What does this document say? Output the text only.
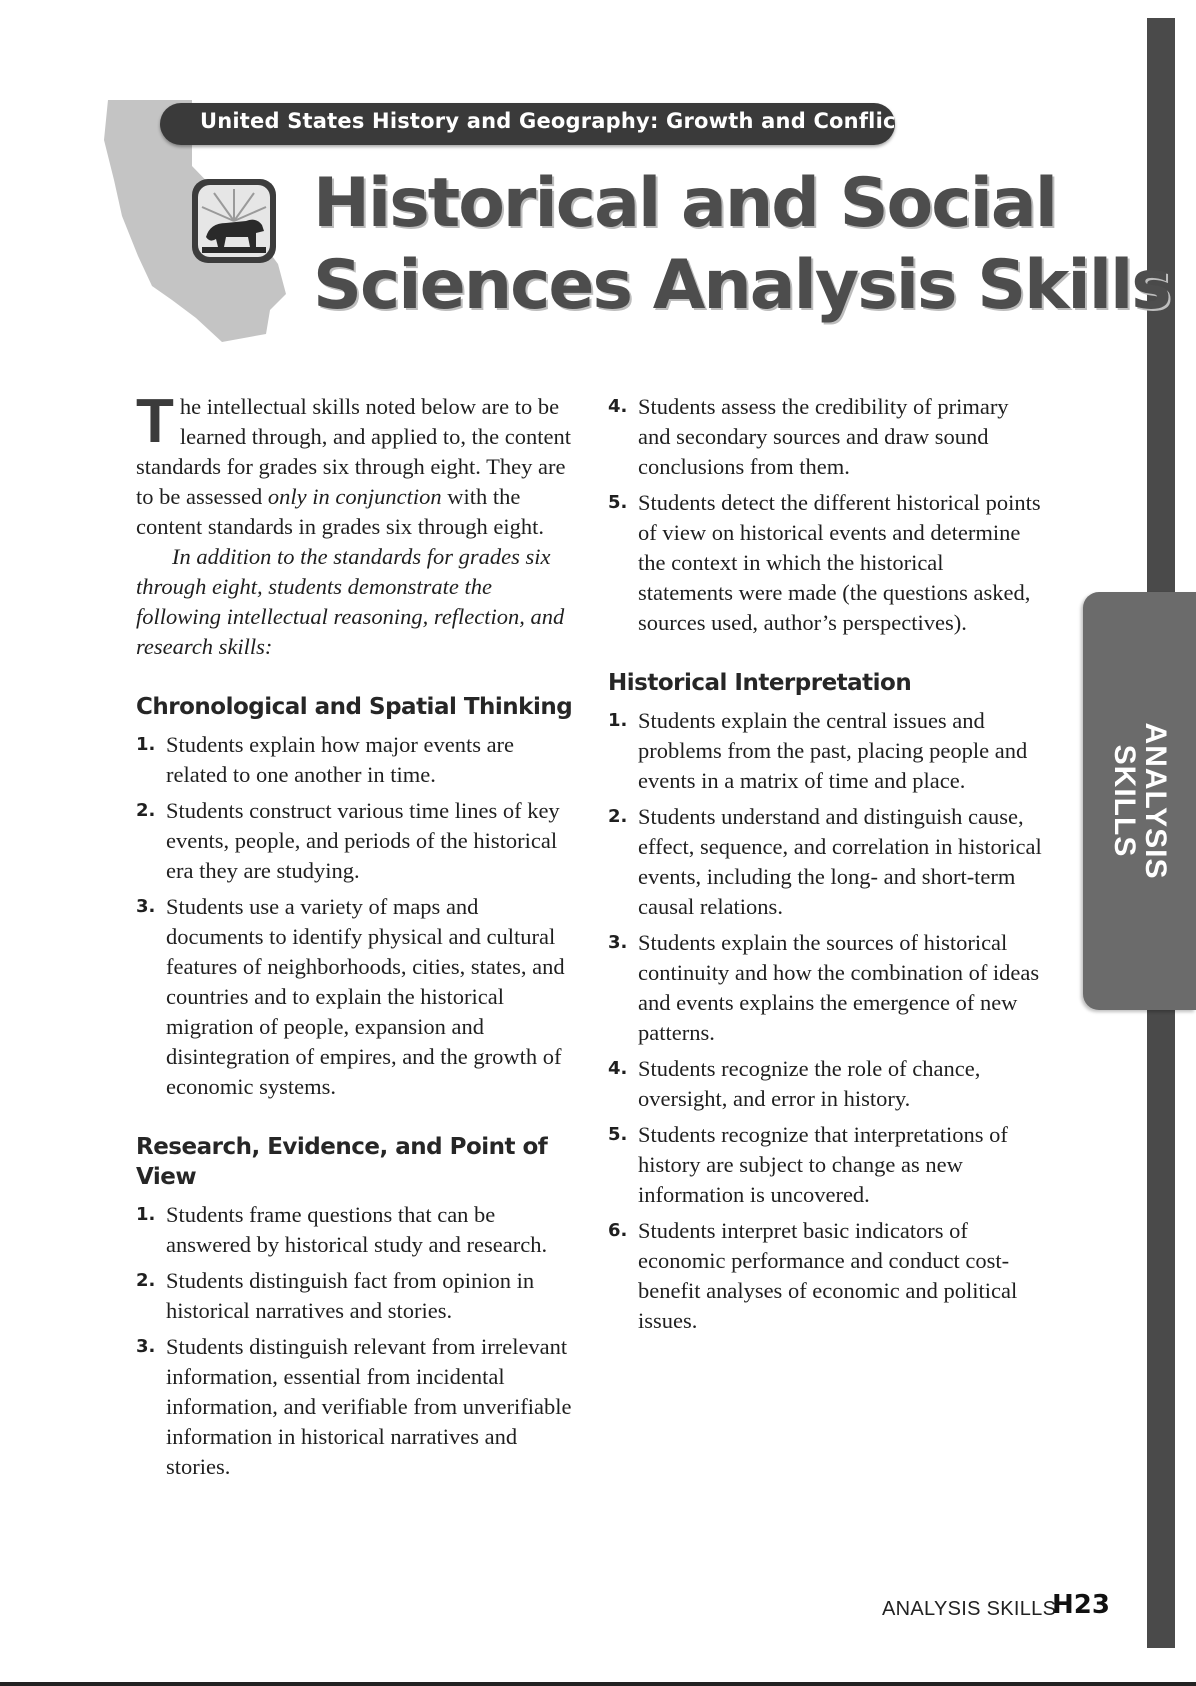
ANALYSIS
SKILLS
United States History and Geography: Growth and Conflict
Historical and Social
Sciences Analysis Skills

The intellectual skills noted below are to be learned through, and applied to, the content standards for grades six through eight. They are to be assessed only in conjunction with the content standards in grades six through eight.

In addition to the standards for grades six through eight, students demonstrate the following intellectual reasoning, reflection, and research skills:

Chronological and Spatial Thinking
1. Students explain how major events are related to one another in time.
2. Students construct various time lines of key events, people, and periods of the historical era they are studying.
3. Students use a variety of maps and documents to identify physical and cultural features of neighborhoods, cities, states, and countries and to explain the historical migration of people, expansion and disintegration of empires, and the growth of economic systems.
Research, Evidence, and Point of View
1. Students frame questions that can be answered by historical study and research.
2. Students distinguish fact from opinion in historical narratives and stories.
3. Students distinguish relevant from irrelevant information, essential from incidental information, and verifiable from unverifiable information in historical narratives and stories.
4. Students assess the credibility of primary and secondary sources and draw sound conclusions from them.
5. Students detect the different historical points of view on historical events and determine the context in which the historical statements were made (the questions asked, sources used, author’s perspectives).
Historical Interpretation
1. Students explain the central issues and problems from the past, placing people and events in a matrix of time and place.
2. Students understand and distinguish cause, effect, sequence, and correlation in historical events, including the long- and short-term causal relations.
3. Students explain the sources of historical continuity and how the combination of ideas and events explains the emergence of new patterns.
4. Students recognize the role of chance, oversight, and error in history.
5. Students recognize that interpretations of history are subject to change as new information is uncovered.
6. Students interpret basic indicators of economic performance and conduct cost-benefit analyses of economic and political issues.
ANALYSIS SKILLS
H23
